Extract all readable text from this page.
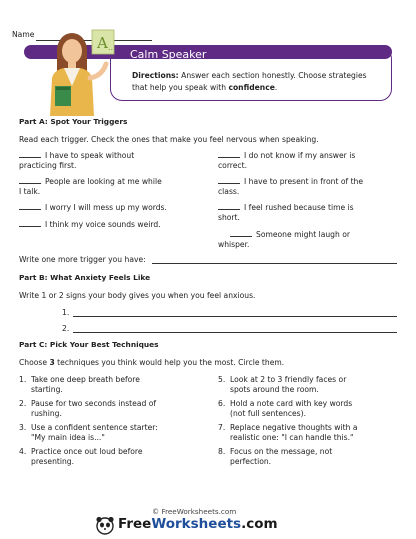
Name
Calm Speaker
A ..
Directions: Answer each section honestly. Choose strategies
that help you speak with confidence.
Part A: Spot Your Triggers
Read each trigger. Check the ones that make you feel nervous when speaking.
I have to speak without
practicing first.
People are looking at me while
I talk.
I worry I will mess up my words.
I think my voice sounds weird.
I do not know if my answer is
correct.
I have to present in front of the
class.
I feel rushed because time is
short.
Someone might laugh or
whisper.
Write one more trigger you have:
Part B: What Anxiety Feels Like
Write 1 or 2 signs your body gives you when you feel anxious.
1.
2.
Part C: Pick Your Best Techniques
Choose 3 techniques you think would help you the most. Circle them.
1. Take one deep breath before
starting.
2. Pause for two seconds instead of
rushing.
3. Use a confident sentence starter:
"My main idea is..."
4. Practice once out loud before
presenting.
5. Look at 2 to 3 friendly faces or
spots around the room.
6. Hold a note card with key words
(not full sentences).
7. Replace negative thoughts with a
realistic one: "I can handle this."
8. Focus on the message, not
perfection.
© FreeWorksheets.com
FreeWorksheets.com
